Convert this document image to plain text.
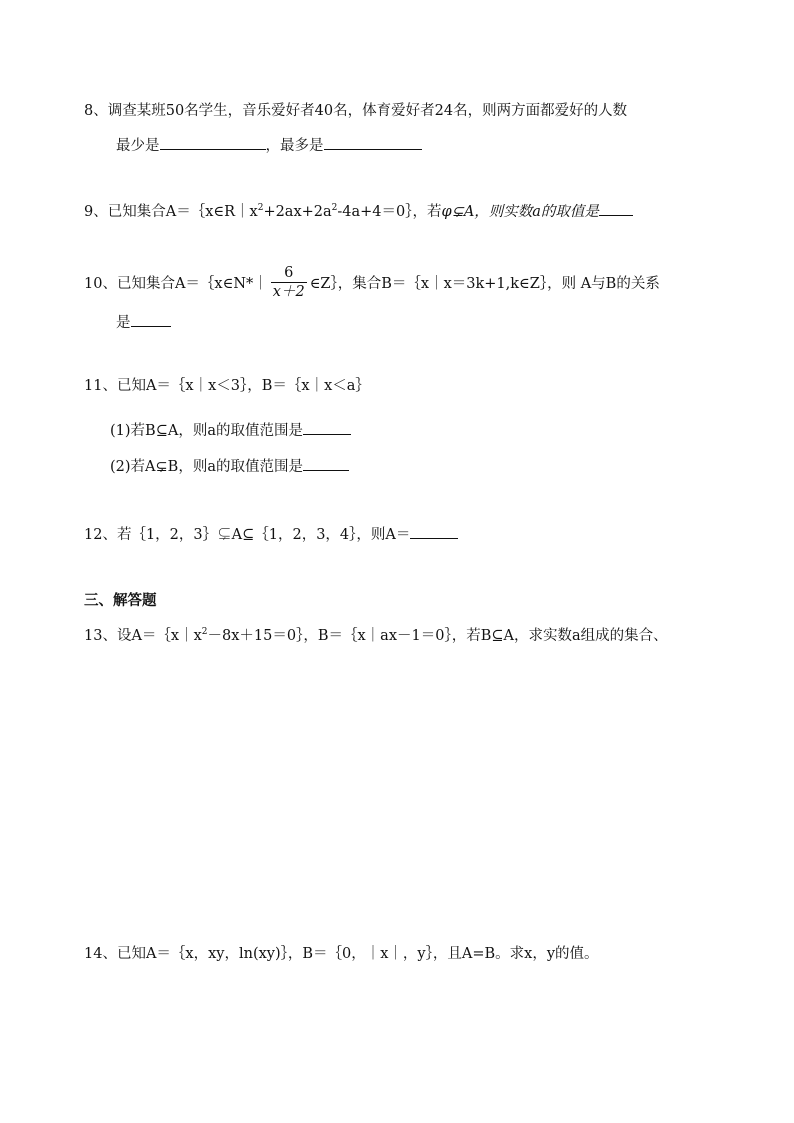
8、调查某班50名学生，音乐爱好者40名，体育爱好者24名，则两方面都爱好的人数
最少是	，最多是
9、已知集合$A=\{x\in R|x^2+2ax+2a^2-4a+4=0\}$，若φ⊊A，则实数a的取值是
10、已知集合A＝｛x∈N*｜ $\frac{6}{x+2}$ ∈Z｝，集合B＝｛x｜x＝3k+1,k∈Z｝，则 A与B的关系
是
11、已知A＝｛x｜x＜3｝，B＝｛x｜x＜a｝
(1)若B⊆A，则a的取值范围是
(2)若A⊊B，则a的取值范围是
12、若｛1，2，3｝⊊A⊆｛1，2，3，4｝，则A＝
三、解答题
13、设$A=\{x|x^2-8x+15=0\}$，B＝｛x｜ax－1＝0｝，若B⊆A，求实数a组成的集合、
14、已知A＝｛x，xy，ln(xy)｝，B＝｛0，｜x｜，y｝，且A=B。求x，y的值。
